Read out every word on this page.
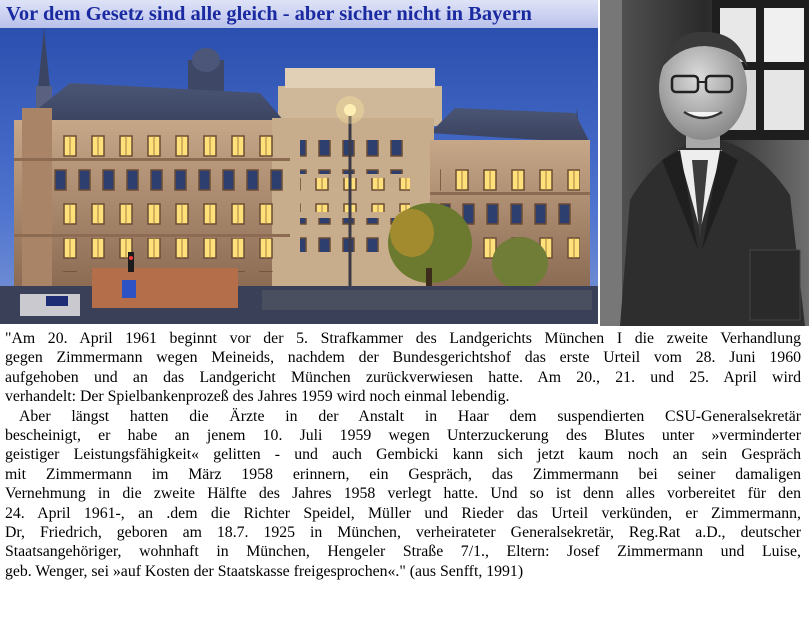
Vor dem Gesetz sind alle gleich - aber sicher nicht in Bayern

"Am 20. April 1961 beginnt vor der 5. Strafkammer des Landgerichts München I die zweite Verhandlung
gegen Zimmermann wegen Meineids, nachdem der Bundesgerichtshof das erste Urteil vom 28. Juni 1960
aufgehoben und an das Landgericht München zurückverwiesen hatte. Am 20., 21. und 25. April wird
verhandelt: Der Spielbankenprozeß des Jahres 1959 wird noch einmal lebendig.

Aber längst hatten die Ärzte in der Anstalt in Haar dem suspendierten CSU-Generalsekretär
bescheinigt, er habe an jenem 10. Juli 1959 wegen Unterzuckerung des Blutes unter »verminderter
geistiger Leistungsfähigkeit« gelitten - und auch Gembicki kann sich jetzt kaum noch an sein Gespräch
mit Zimmermann im März 1958 erinnern, ein Gespräch, das Zimmermann bei seiner damaligen
Vernehmung in die zweite Hälfte des Jahres 1958 verlegt hatte. Und so ist denn alles vorbereitet für den
24. April 1961-, an .dem die Richter Speidel, Müller und Rieder das Urteil verkünden, er Zimmermann,
Dr, Friedrich, geboren am 18.7. 1925 in München, verheirateter Generalsekretär, Reg.Rat a.D., deutscher
Staatsangehöriger, wohnhaft in München, Hengeler Straße 7/1., Eltern: Josef Zimmermann und Luise,
geb. Wenger, sei »auf Kosten der Staatskasse freigesprochen«." (aus Senfft, 1991)
